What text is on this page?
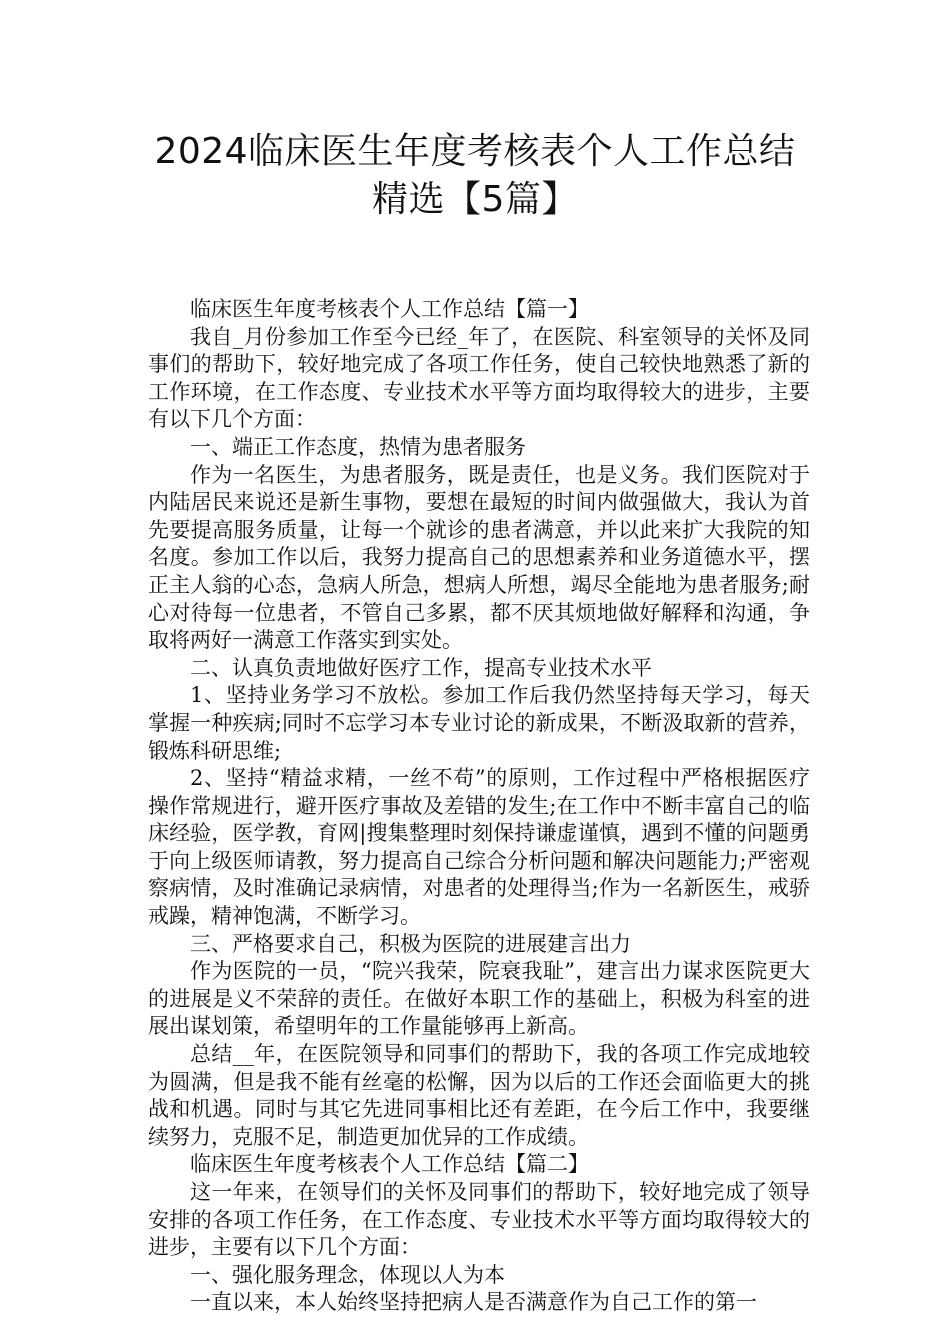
2024临床医生年度考核表个人工作总结
精选【5篇】

临床医生年度考核表个人工作总结【篇一】

我自_月份参加工作至今已经_年了，在医院、科室领导的关怀及同事们的帮助下，较好地完成了各项工作任务，使自己较快地熟悉了新的工作环境，在工作态度、专业技术水平等方面均取得较大的进步，主要有以下几个方面：

一、端正工作态度，热情为患者服务

作为一名医生，为患者服务，既是责任，也是义务。我们医院对于内陆居民来说还是新生事物，要想在最短的时间内做强做大，我认为首先要提高服务质量，让每一个就诊的患者满意，并以此来扩大我院的知名度。参加工作以后，我努力提高自己的思想素养和业务道德水平，摆正主人翁的心态，急病人所急，想病人所想，竭尽全能地为患者服务;耐心对待每一位患者，不管自己多累，都不厌其烦地做好解释和沟通，争取将两好一满意工作落实到实处。

二、认真负责地做好医疗工作，提高专业技术水平

1、坚持业务学习不放松。参加工作后我仍然坚持每天学习，每天掌握一种疾病;同时不忘学习本专业讨论的新成果，不断汲取新的营养，锻炼科研思维;

2、坚持“精益求精，一丝不苟”的原则，工作过程中严格根据医疗操作常规进行，避开医疗事故及差错的发生;在工作中不断丰富自己的临床经验，医学教，育网|搜集整理时刻保持谦虚谨慎，遇到不懂的问题勇于向上级医师请教，努力提高自己综合分析问题和解决问题能力;严密观察病情，及时准确记录病情，对患者的处理得当;作为一名新医生，戒骄戒躁，精神饱满，不断学习。

三、严格要求自己，积极为医院的进展建言出力

作为医院的一员，“院兴我荣，院衰我耻”，建言出力谋求医院更大的进展是义不荣辞的责任。在做好本职工作的基础上，积极为科室的进展出谋划策，希望明年的工作量能够再上新高。

总结__年，在医院领导和同事们的帮助下，我的各项工作完成地较为圆满，但是我不能有丝毫的松懈，因为以后的工作还会面临更大的挑战和机遇。同时与其它先进同事相比还有差距，在今后工作中，我要继续努力，克服不足，制造更加优异的工作成绩。

临床医生年度考核表个人工作总结【篇二】

这一年来，在领导们的关怀及同事们的帮助下，较好地完成了领导安排的各项工作任务，在工作态度、专业技术水平等方面均取得较大的进步，主要有以下几个方面：

一、强化服务理念，体现以人为本

一直以来，本人始终坚持把病人是否满意作为自己工作的第一
